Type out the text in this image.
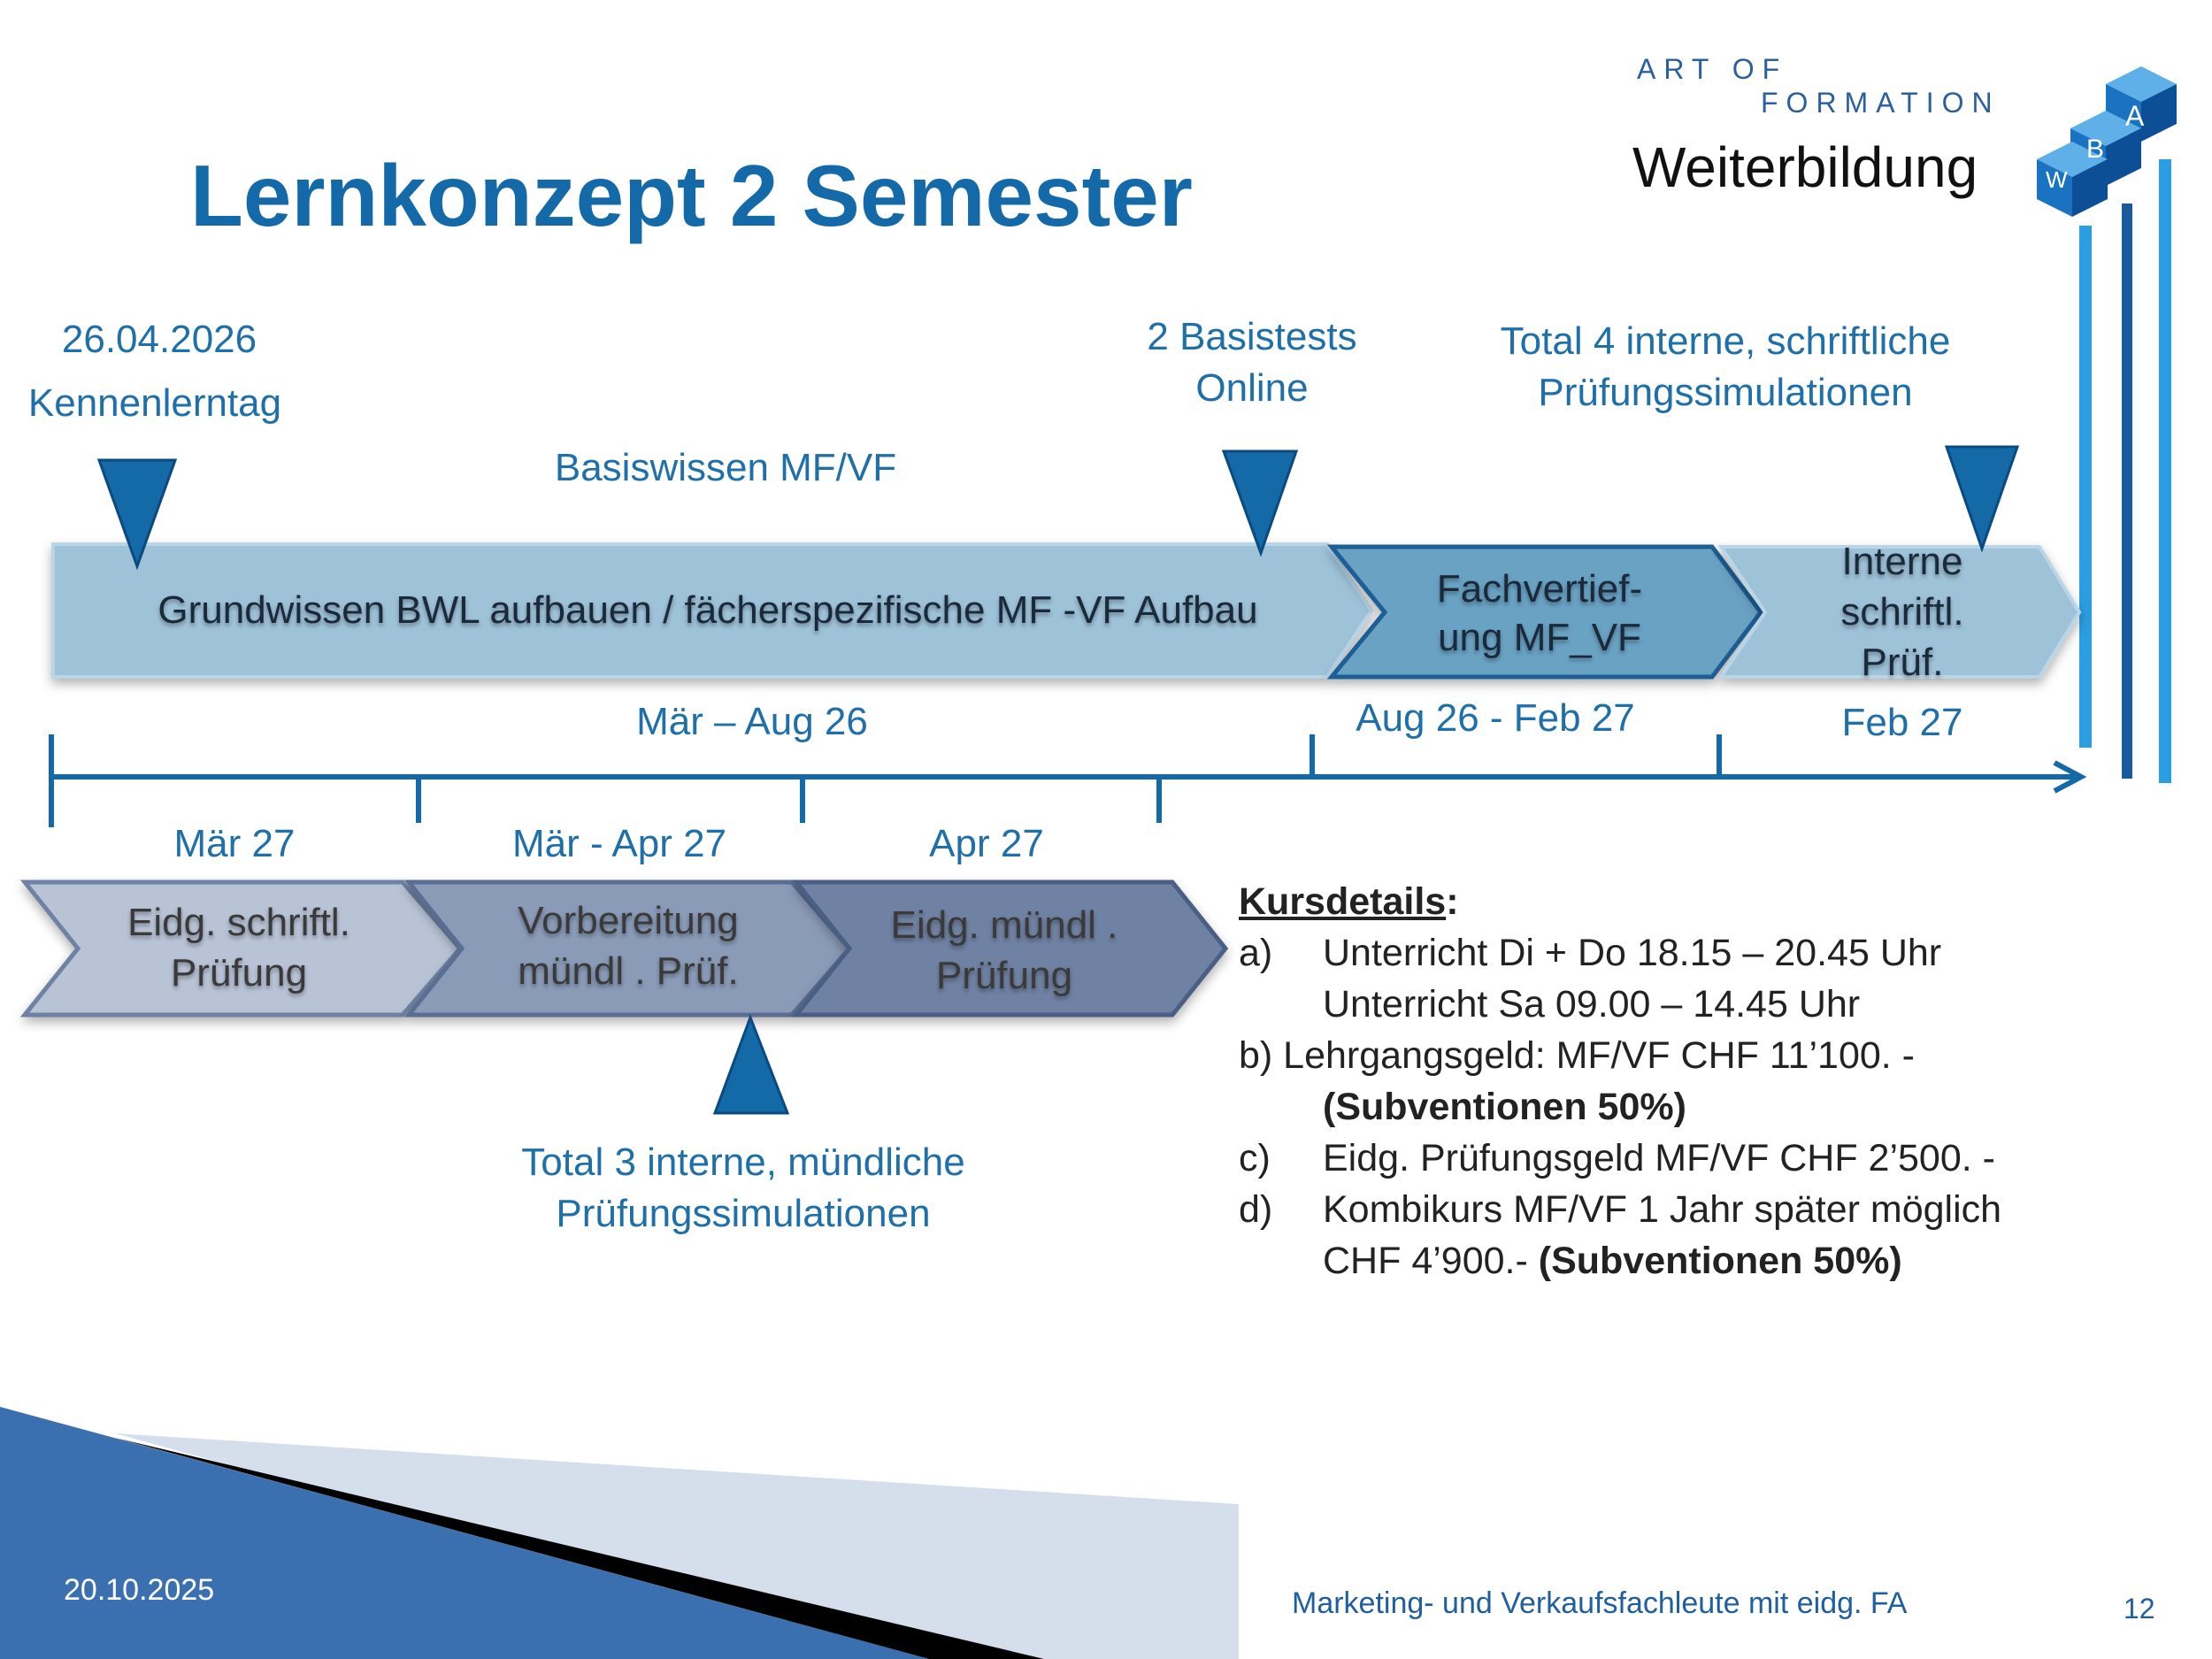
Lernkonzept 2 Semester
ART OF
FORMATION
Weiterbildung
A
B
W
26.04.2026
Kennenlerntag
Basiswissen MF/VF
2 Basistests
Online
Total 4 interne, schriftliche
Prüfungssimulationen
Grundwissen BWL aufbauen / fächerspezifische MF -VF Aufbau	Fachvertief-
ung MF_VF
Interne
schriftl.
Prüf.
Mär – Aug 26	Aug 26 - Feb 27	Feb 27
Mär 27	Mär - Apr 27	Apr 27
Eidg. schriftl.
Prüfung
Vorbereitung
mündl . Prüf.
Eidg. mündl .
Prüfung
Total 3 interne, mündliche
Prüfungssimulationen
Kursdetails:
a) Unterricht Di + Do 18.15 – 20.45 Uhr
Unterricht Sa 09.00 – 14.45 Uhr
b) Lehrgangsgeld: MF/VF CHF 11’100. -
(Subventionen 50%)
c) Eidg. Prüfungsgeld MF/VF CHF 2’500. -
d) Kombikurs MF/VF 1 Jahr später möglich
CHF 4’900.- (Subventionen 50%)
20.10.2025	Marketing- und Verkaufsfachleute mit eidg. FA	12
